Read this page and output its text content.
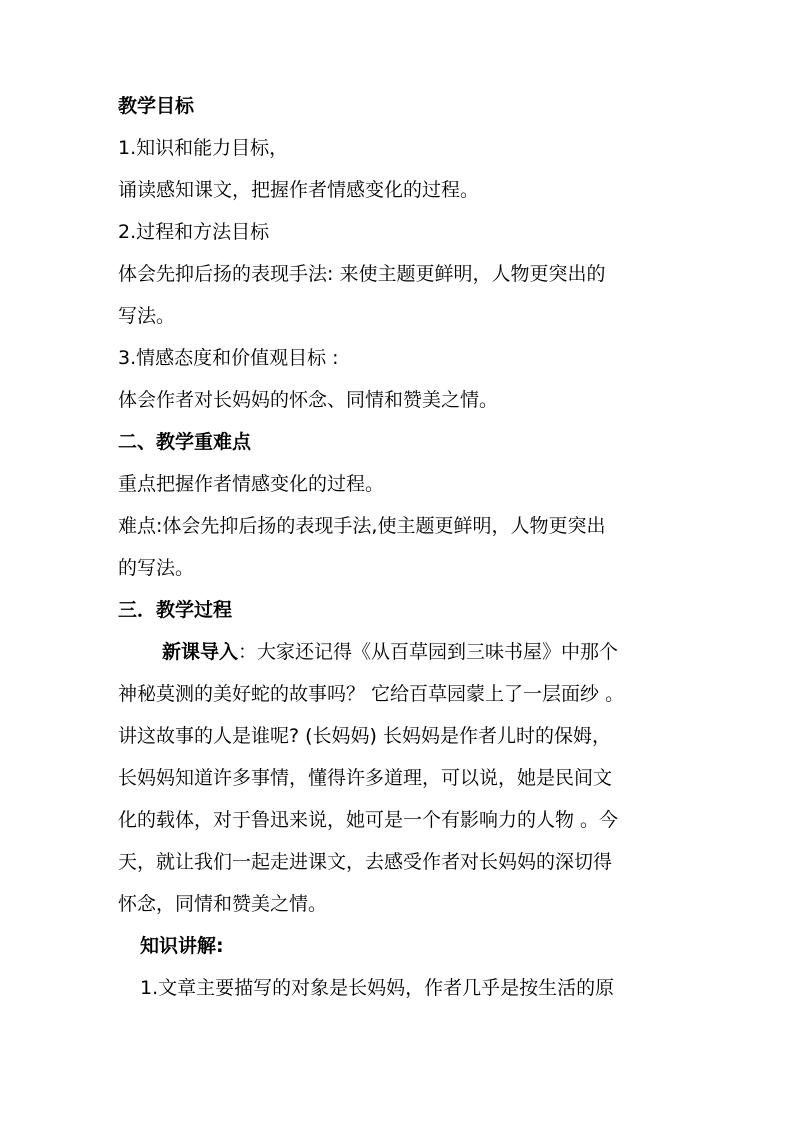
教学目标

1.知识和能力目标，

诵读感知课文，把握作者情感变化的过程。

2.过程和方法目标

体会先抑后扬的表现手法: 来使主题更鲜明，人物更突出的

写法。

3.情感态度和价值观目标 :

体会作者对长妈妈的怀念、同情和赞美之情。

二、教学重难点

重点把握作者情感变化的过程。

难点:体会先抑后扬的表现手法,使主题更鲜明，人物更突出

的写法。

三．教学过程

新课导入：大家还记得《从百草园到三味书屋》中那个

神秘莫测的美好蛇的故事吗？ 它给百草园蒙上了一层面纱 。

讲这故事的人是谁呢? (长妈妈) 长妈妈是作者儿时的保姆，

长妈妈知道许多事情，懂得许多道理，可以说，她是民间文

化的载体，对于鲁迅来说，她可是一个有影响力的人物 。今

天，就让我们一起走进课文，去感受作者对长妈妈的深切得

怀念，同情和赞美之情。

知识讲解:

1.文章主要描写的对象是长妈妈，作者几乎是按生活的原
